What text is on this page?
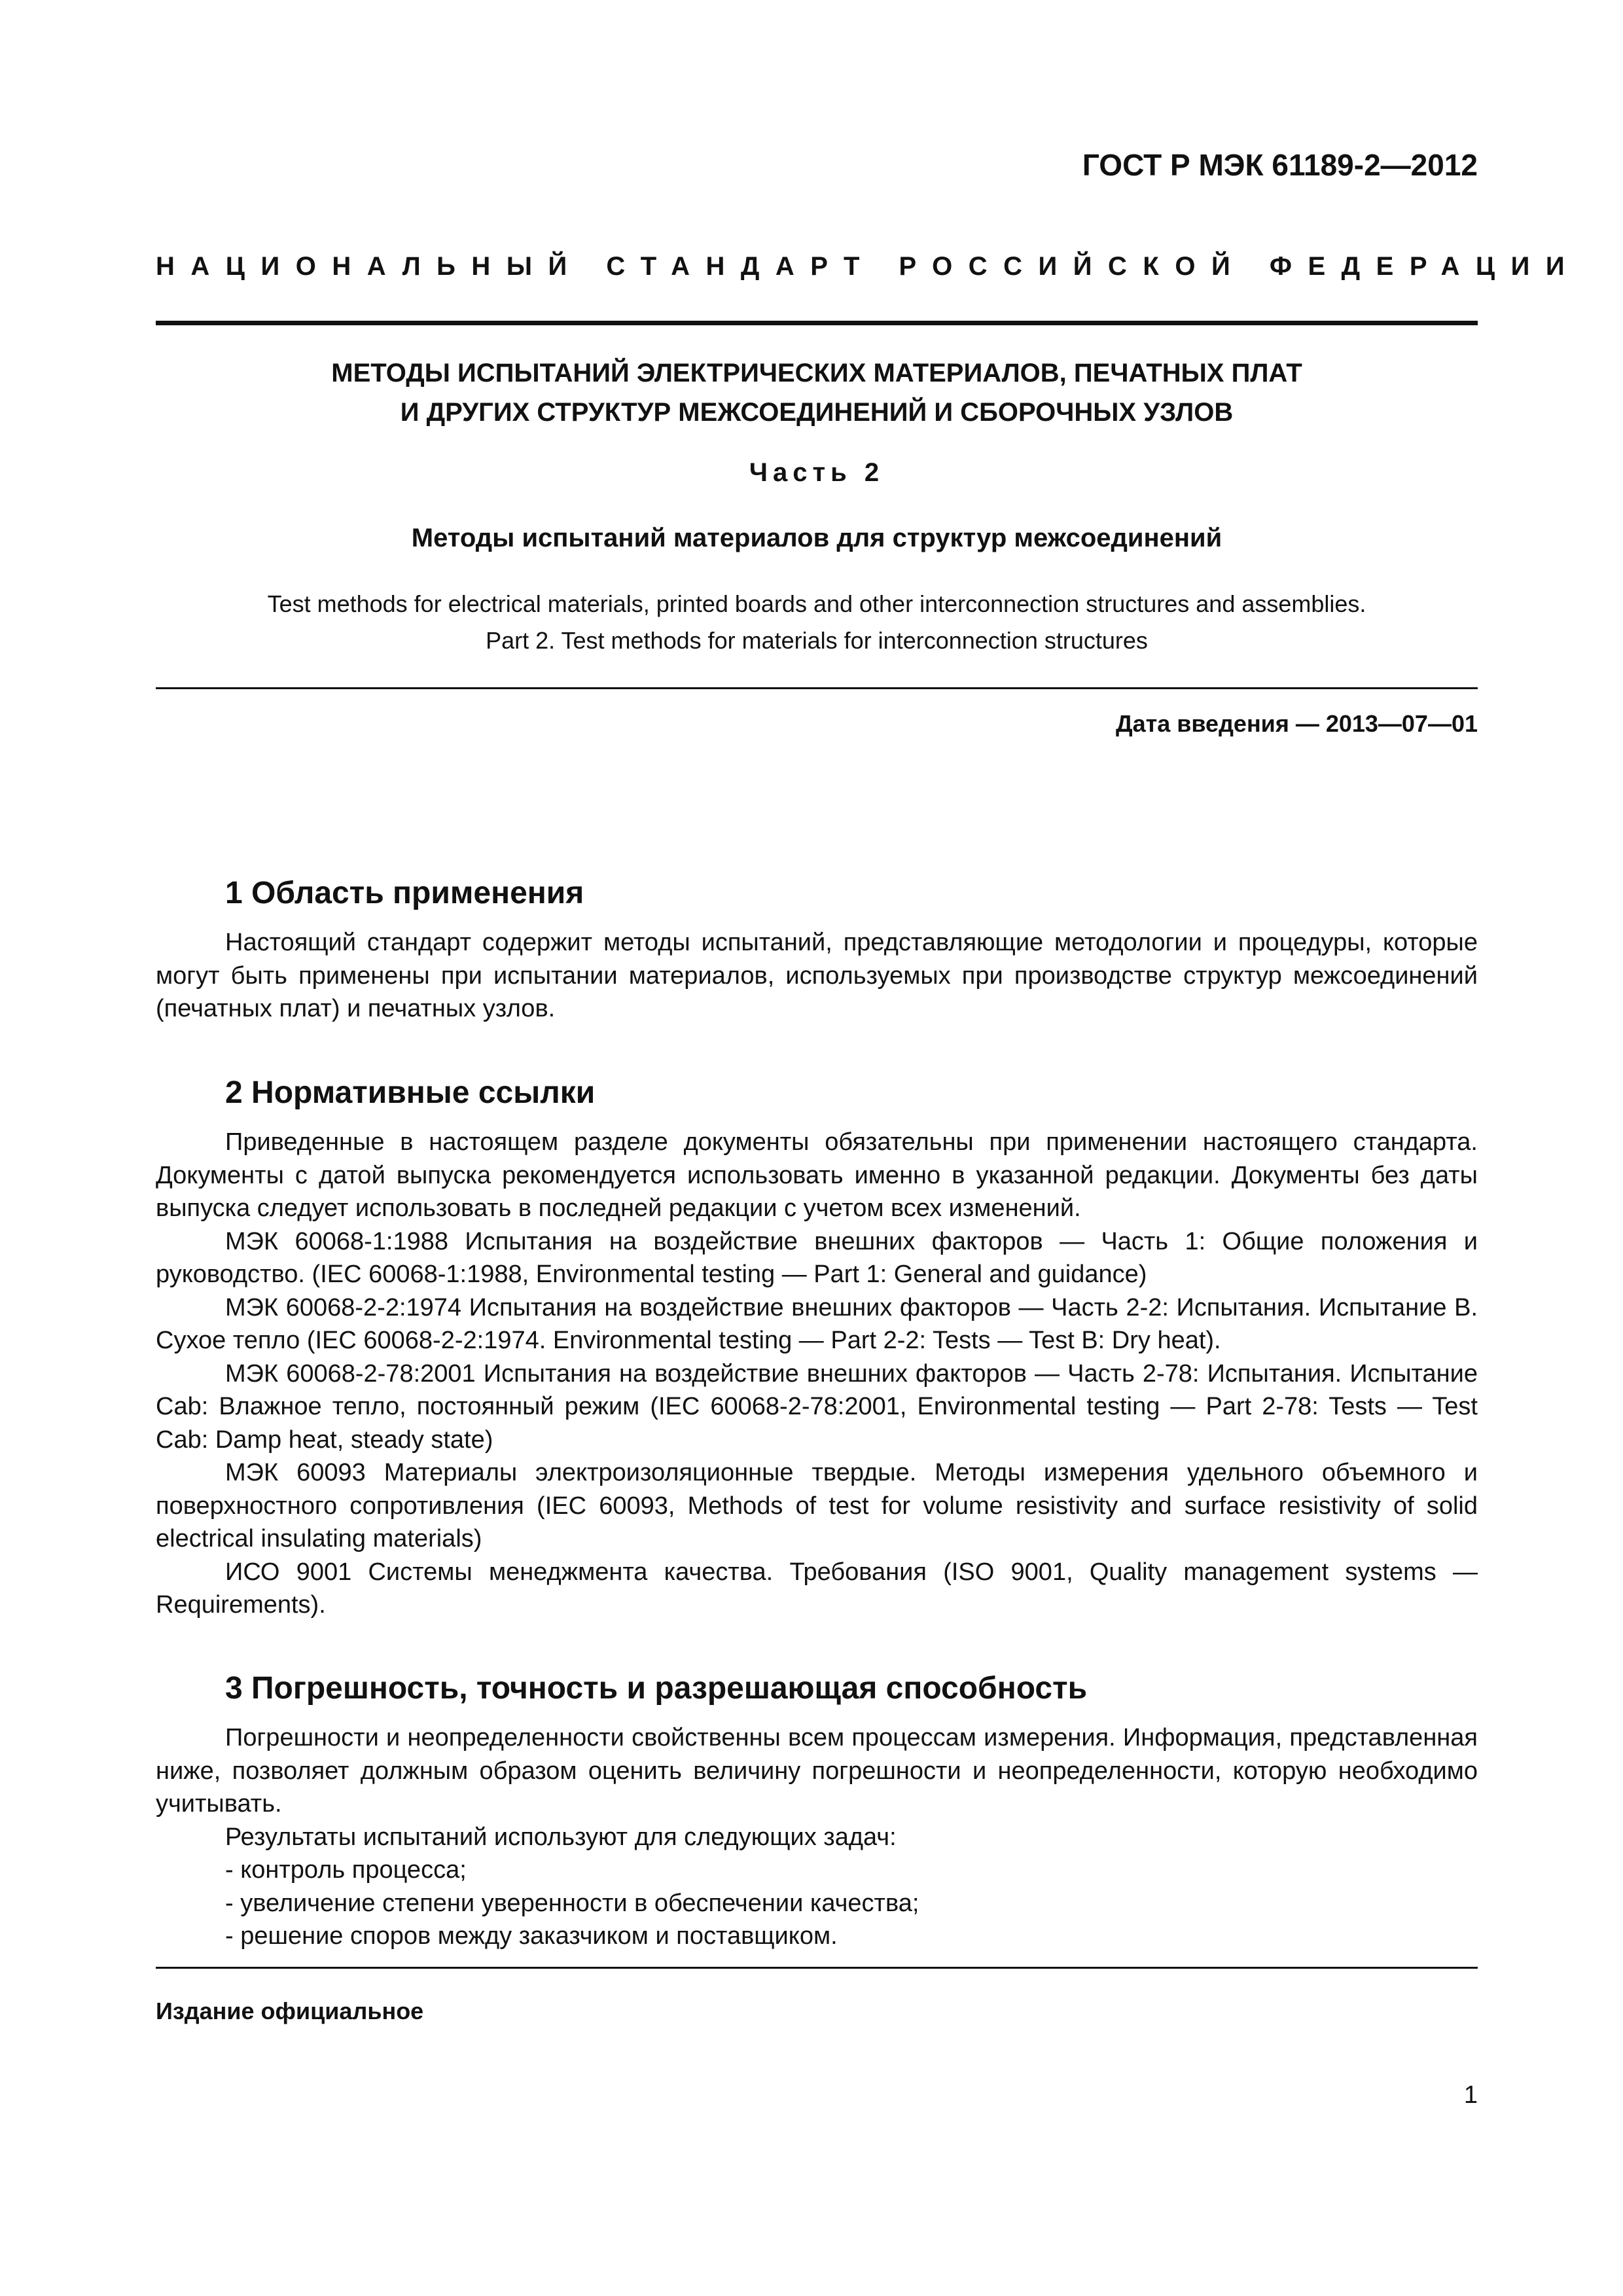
ГОСТ Р МЭК 61189-2—2012
НАЦИОНАЛЬНЫЙ СТАНДАРТ РОССИЙСКОЙ ФЕДЕРАЦИИ
МЕТОДЫ ИСПЫТАНИЙ ЭЛЕКТРИЧЕСКИХ МАТЕРИАЛОВ, ПЕЧАТНЫХ ПЛАТ
И ДРУГИХ СТРУКТУР МЕЖСОЕДИНЕНИЙ И СБОРОЧНЫХ УЗЛОВ
Часть 2
Методы испытаний материалов для структур межсоединений
Test methods for electrical materials, printed boards and other interconnection structures and assemblies.
Part 2. Test methods for materials for interconnection structures
Дата введения — 2013—07—01
1 Область применения

Настоящий стандарт содержит методы испытаний, представляющие методологии и процедуры, которые могут быть применены при испытании материалов, используемых при производстве структур межсоединений (печатных плат) и печатных узлов.

2 Нормативные ссылки

Приведенные в настоящем разделе документы обязательны при применении настоящего стандарта. Документы с датой выпуска рекомендуется использовать именно в указанной редакции. Документы без даты выпуска следует использовать в последней редакции с учетом всех изменений.

МЭК 60068-1:1988 Испытания на воздействие внешних факторов — Часть 1: Общие положения и руководство. (IEC 60068-1:1988, Environmental testing — Part 1: General and guidance)

МЭК 60068-2-2:1974 Испытания на воздействие внешних факторов — Часть 2-2: Испытания. Испытание В. Сухое тепло (IEC 60068-2-2:1974. Environmental testing — Part 2-2: Tests — Test B: Dry heat).

МЭК 60068-2-78:2001 Испытания на воздействие внешних факторов — Часть 2-78: Испытания. Испытание Cab: Влажное тепло, постоянный режим (IEC 60068-2-78:2001, Environmental testing — Part 2-78: Tests — Test Cab: Damp heat, steady state)

МЭК 60093 Материалы электроизоляционные твердые. Методы измерения удельного объемного и поверхностного сопротивления (IEC 60093, Methods of test for volume resistivity and surface resistivity of solid electrical insulating materials)

ИСО 9001 Системы менеджмента качества. Требования (ISO 9001, Quality management systems — Requirements).

3 Погрешность, точность и разрешающая способность

Погрешности и неопределенности свойственны всем процессам измерения. Информация, представленная ниже, позволяет должным образом оценить величину погрешности и неопределенности, которую необходимо учитывать.

Результаты испытаний используют для следующих задач:

- контроль процесса;

- увеличение степени уверенности в обеспечении качества;

- решение споров между заказчиком и поставщиком.

Издание официальное
1
